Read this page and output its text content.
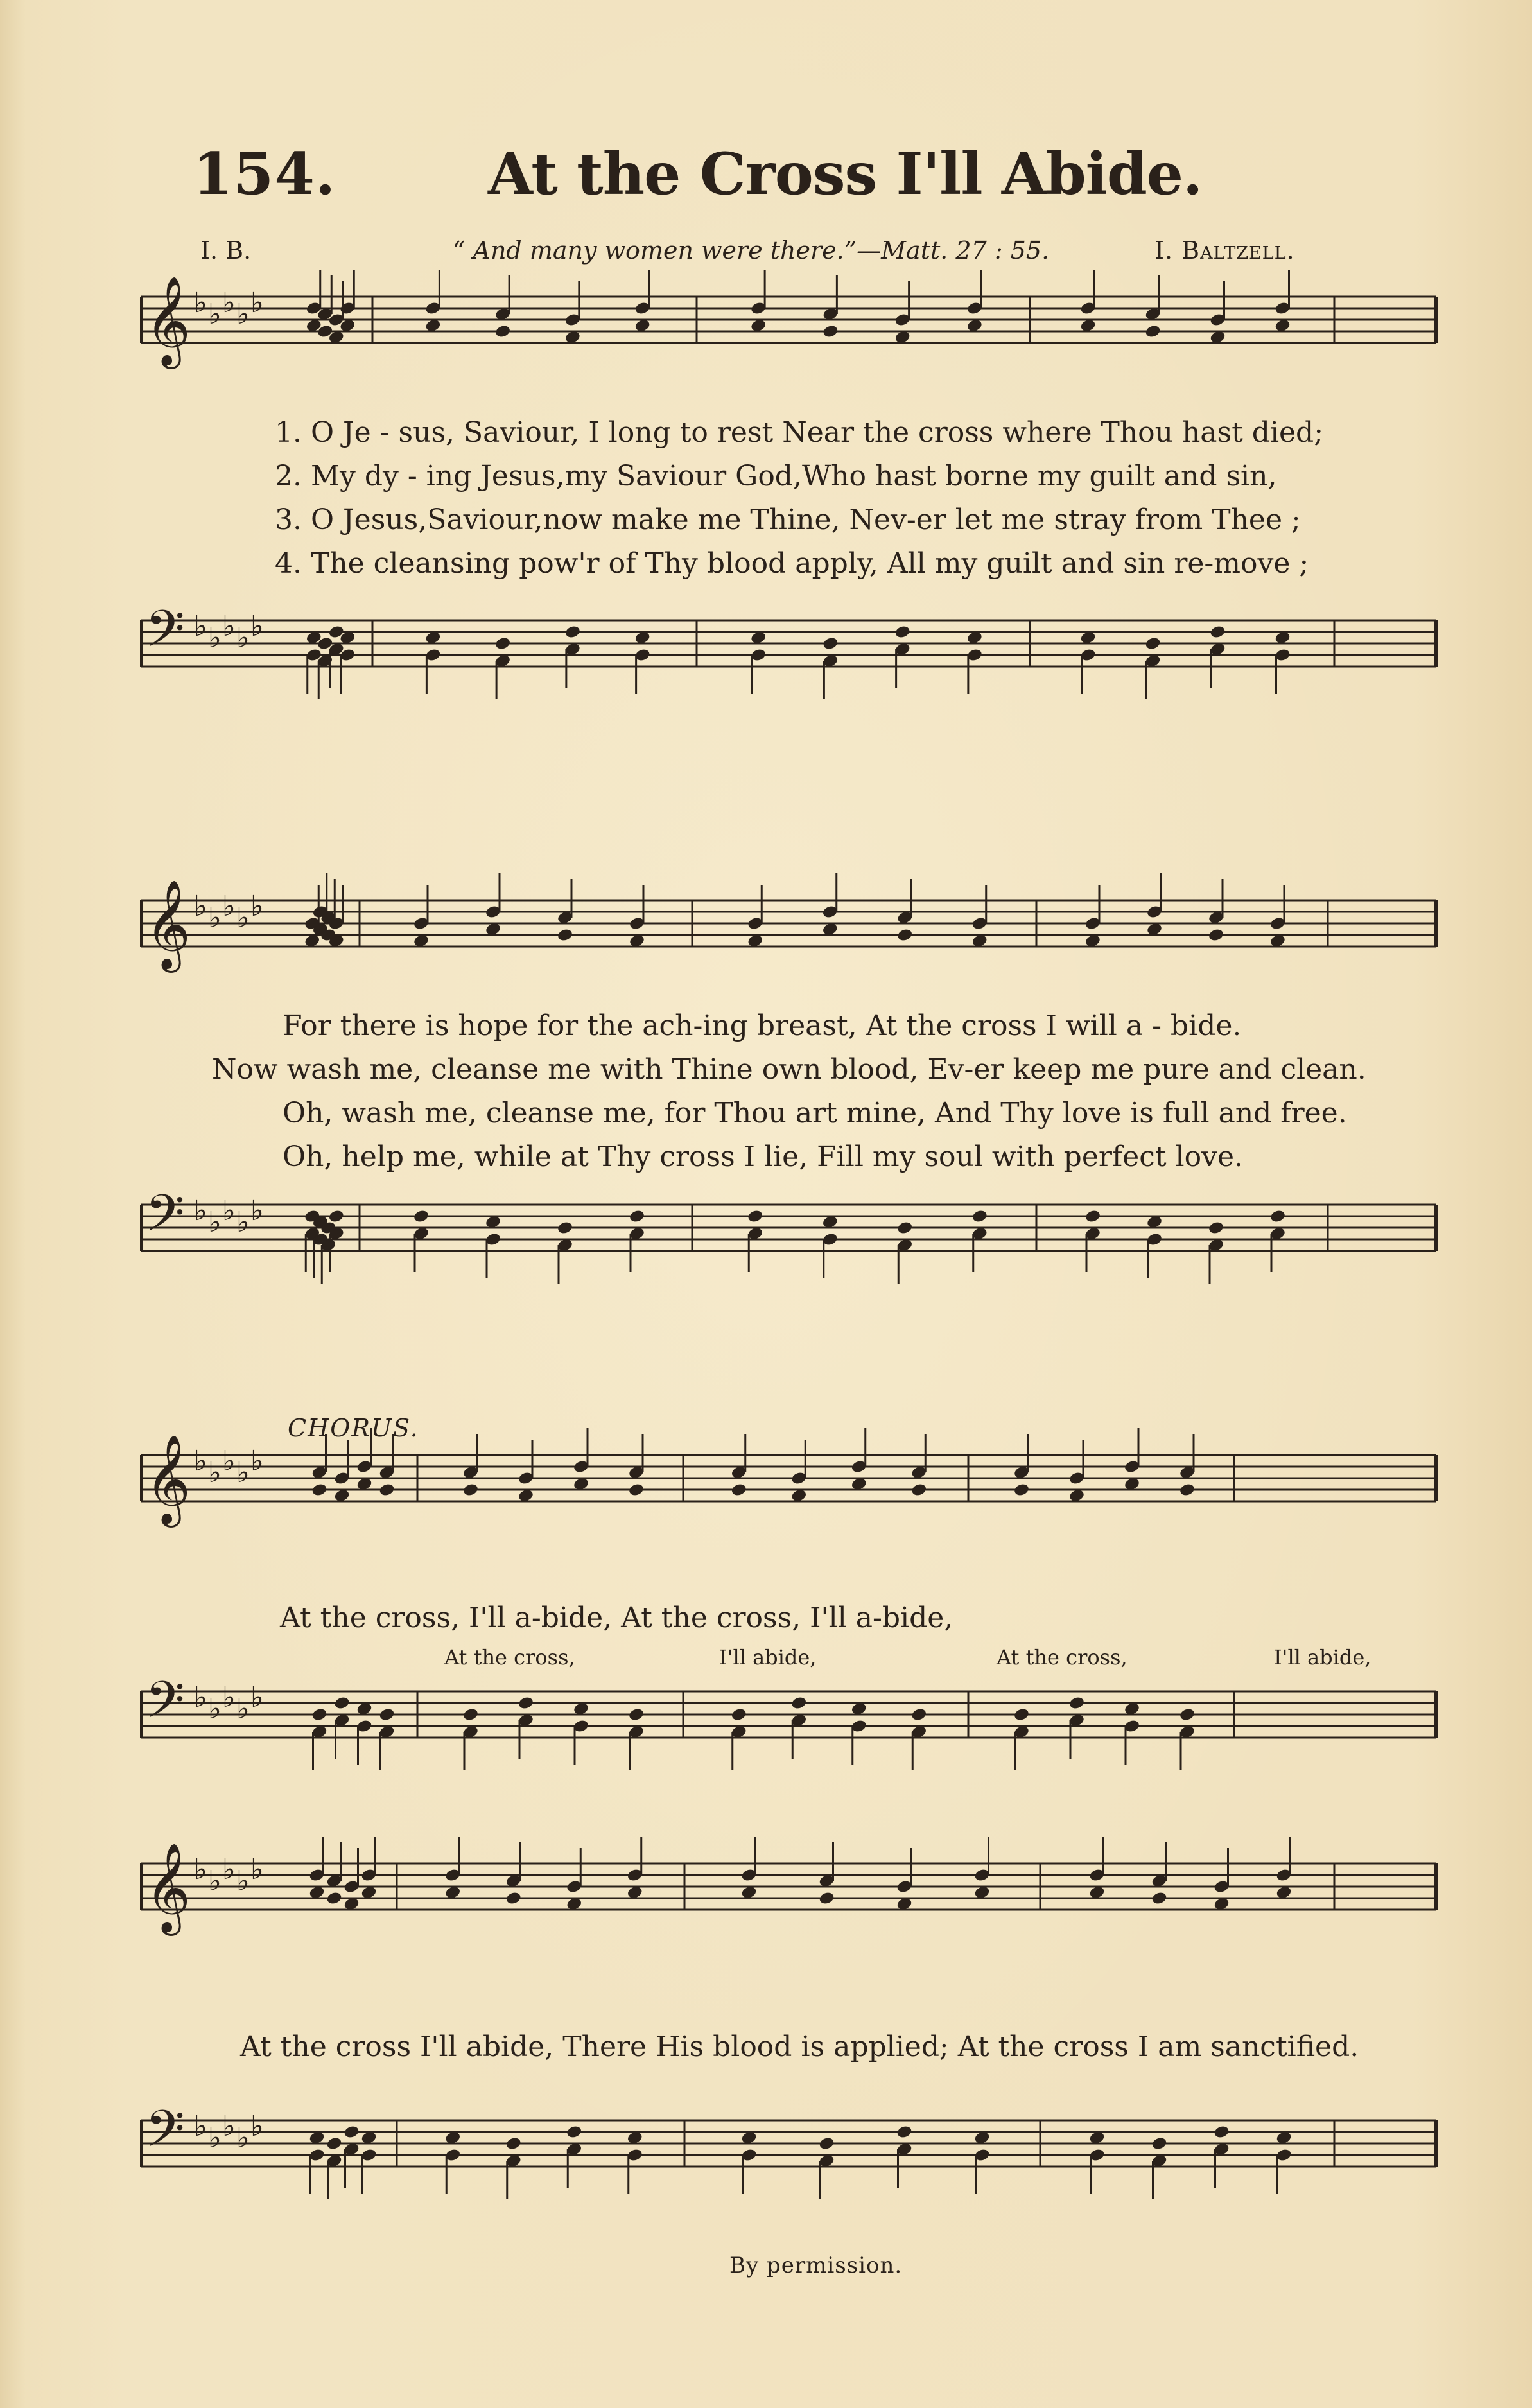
154.	At the Cross I'll Abide.
I. B.	“ And many women were there.”—Matt. 27 : 55.	I. Baltzell.
𝄞 ♭ ♭ ♭ ♭ ♭
𝄢 ♭ ♭ ♭ ♭ ♭
𝄞 ♭ ♭ ♭ ♭ ♭
𝄢 ♭ ♭ ♭ ♭ ♭
𝄞 ♭ ♭ ♭ ♭ ♭
𝄢 ♭ ♭ ♭ ♭ ♭
𝄞 ♭ ♭ ♭ ♭ ♭
𝄢 ♭ ♭ ♭ ♭ ♭
1. O Je - sus, Saviour, I long to rest Near the cross where Thou hast died;
2. My dy - ing Jesus,my Saviour God,Who hast borne my guilt and sin,
3. O Jesus,Saviour,now make me Thine, Nev-er let me stray from Thee ;
4. The cleansing pow'r of Thy blood apply, All my guilt and sin re-move ;
For there is hope for the ach-ing breast, At the cross I will a - bide.
Now wash me, cleanse me with Thine own blood, Ev-er keep me pure and clean.
Oh, wash me, cleanse me, for Thou art mine, And Thy love is full and free.
Oh, help me, while at Thy cross I lie, Fill my soul with perfect love.
CHORUS.
At the cross, I'll a-bide, At the cross, I'll a-bide,
At the cross,	I'll abide,	At the cross,	I'll abide,
At the cross I'll abide, There His blood is applied; At the cross I am sanctified.
By permission.
